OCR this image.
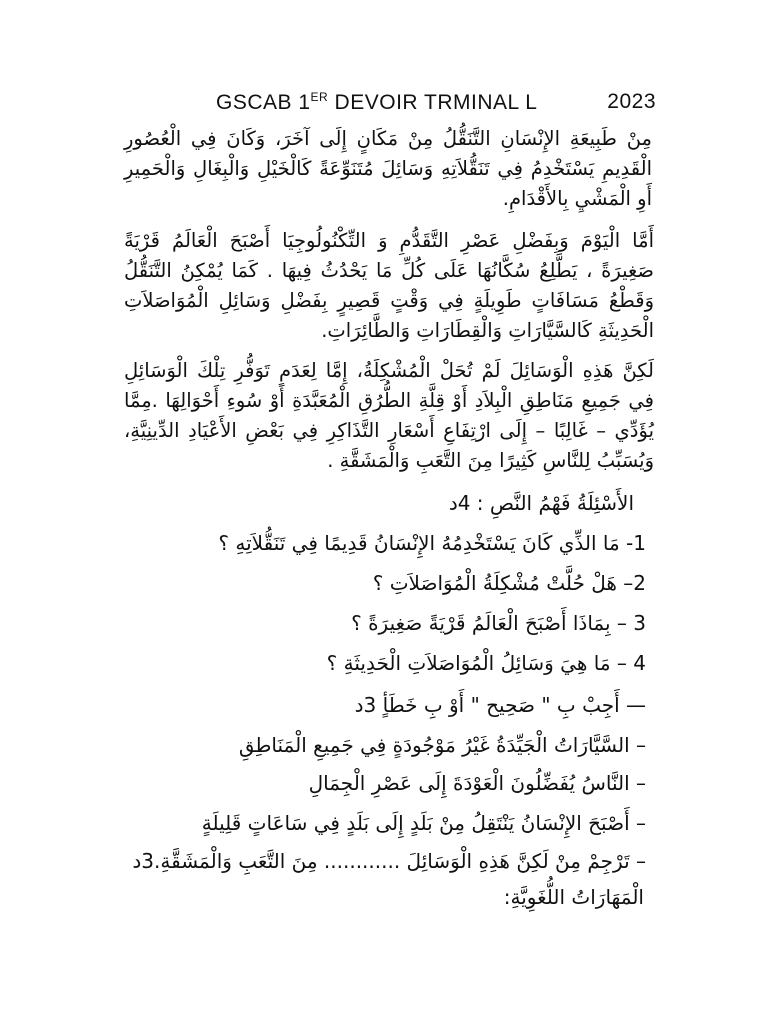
GSCAB 1ER DEVOIR TRMINAL L	2023
مِنْ طَبِيعَةِ الإِنْسَانِ التَّنَقُّلُ مِنْ مَكَانٍ إِلَى آخَرَ، وَكَانَ فِي الْعُصُورِ الْقَدِيمِ يَسْتَخْدِمُ فِي تَنَقُّلاَتِهِ وَسَائِلَ مُتَنَوِّعَةً كَالْخَيْلِ وَالْبِغَالِ وَالْحَمِيرِ أَوِ الْمَشْيِ بِالأَقْدَامِ.
أَمَّا الْيَوْمَ وَبِفَضْلِ عَصْرِ التَّقَدُّمِ وَ التِّكْنُولُوجِيَا أَصْبَحَ الْعَالَمُ قَرْيَةً صَغِيرَةً ، يَطَّلِعُ سُكَّانُهَا عَلَى كُلِّ مَا يَحْدُثُ فِيهَا . كَمَا يُمْكِنُ التَّنَقُّلُ وَقَطْعُ مَسَافَاتٍ طَوِيلَةٍ فِي وَقْتٍ قَصِيرٍ بِفَضْلِ وَسَائِلِ الْمُوَاصَلاَتِ الْحَدِيثَةِ كَالسَّيَّارَاتِ وَالْقِطَارَاتِ وَالطَّائِرَاتِ.
لَكِنَّ هَذِهِ الْوَسَائِلَ لَمْ تُحَلْ الْمُشْكِلَةُ، إِمَّا لِعَدَمِ تَوَفُّرِ تِلْكَ الْوَسَائِلِ فِي جَمِيعِ مَنَاطِقِ الْبِلاَدِ أَوْ قِلَّةِ الطُّرُقِ الْمُعَبَّدَةِ أَوْ سُوءِ أَحْوَالِهَا .مِمَّا يُؤَدِّي – غَالِبًا – إِلَى ارْتِفَاعِ أَسْعَارِ التَّذَاكِرِ فِي بَعْضِ الأَعْيَادِ الدِّينِيَّةِ، وَيُسَبِّبُ لِلنَّاسِ كَثِيرًا مِنَ التَّعَبِ وَالْمَشَقَّةِ .
الأَسْئِلَةُ فَهْمُ النَّصِ : 4د
1- مَا الذِّي كَانَ يَسْتَخْدِمُهُ الإِنْسَانُ قَدِيمًا فِي تَنَقُّلاَتِهِ ؟
2– هَلْ حُلَّتْ مُشْكِلَةُ الْمُوَاصَلاَتِ ؟
3 – بِمَاذَا أَصْبَحَ الْعَالَمُ قَرْيَةً صَغِيرَةً ؟
4 – مَا هِيَ وَسَائِلُ الْمُوَاصَلاَتِ الْحَدِيثَةِ ؟
— أَجِبْ بِ " صَحِيح " أَوْ بِ خَطَأٍ 3د
– السَّيَّارَاتُ الْجَيِّدَةُ غَيْرُ مَوْجُودَةٍ فِي جَمِيعِ الْمَنَاطِقِ
– النَّاسُ يُفَضِّلُونَ الْعَوْدَةَ إِلَى عَصْرِ الْجِمَالِ
– أَصْبَحَ الإِنْسَانُ يَنْتَقِلُ مِنْ بَلَدٍ إِلَى بَلَدٍ فِي سَاعَاتٍ قَلِيلَةٍ
– تَرْجِمْ مِنْ لَكِنَّ هَذِهِ الْوَسَائِلَ ............ مِنَ التَّعَبِ وَالْمَشَقَّةِ.3د
الْمَهَارَاتُ اللُّغَوِيَّةِ:
